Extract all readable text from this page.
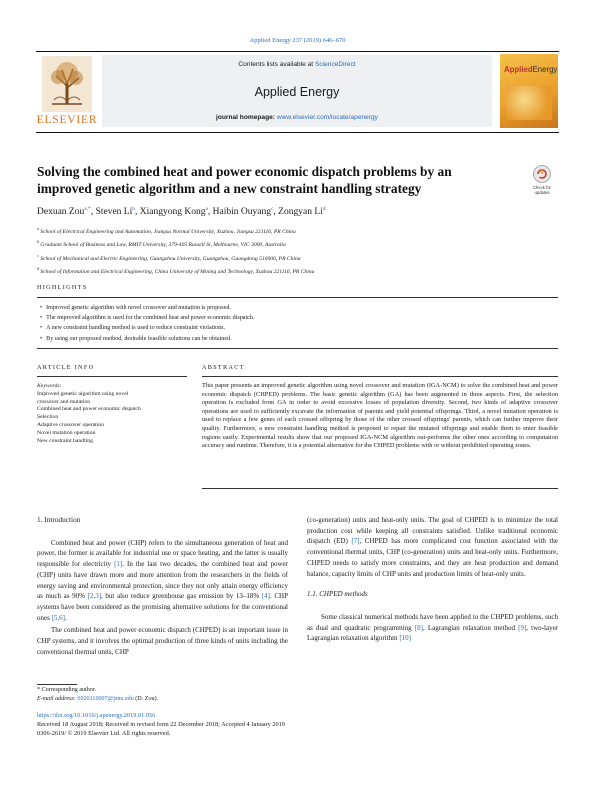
Applied Energy 237 (2019) 646–670
ELSEVIER
Contents lists available at ScienceDirect
Applied Energy
journal homepage: www.elsevier.com/locate/apenergy
AppliedEnergy
Solving the combined heat and power economic dispatch problems by an improved genetic algorithm and a new constraint handling strategy	Check for updates
Dexuan Zou$^{a,*}$, Steven Li$^b$, Xiangyong Kong$^a$, Haibin Ouyang$^c$, Zongyan Li$^d$
$^a$ School of Electrical Engineering and Automation, Jiangsu Normal University, Xuzhou, Jiangsu 221116, PR China
$^b$ Graduate School of Business and Law, RMIT University, 379-405 Russell St, Melbourne, VIC 3000, Australia
$^c$ School of Mechanical and Electric Engineering, Guangzhou University, Guangzhou, Guangdong 510006, PR China
$^d$ School of Information and Electrical Engineering, China University of Mining and Technology, Xuzhou 221116, PR China
HIGHLIGHTS
• Improved genetic algorithm with novel crossover and mutation is proposed.
• The improved algorithm is used for the combined heat and power economic dispatch.
• A new constraint handling method is used to reduce constraint violations.
• By using our proposed method, desirable feasible solutions can be obtained.
ARTICLE INFO	ABSTRACT
Keywords:
Improved genetic algorithm using novel
crossover and mutation
Combined heat and power economic dispatch
Selection
Adaptive crossover operation
Novel mutation operation
New constraint handling
This paper presents an improved genetic algorithm using novel crossover and mutation (IGA-NCM) to solve the combined heat and power economic dispatch (CHPED) problems. The basic genetic algorithm (GA) has been augmented in three aspects. First, the selection operation is excluded from GA in order to avoid excessive losses of population diversity. Second, two kinds of adaptive crossover operations are used to sufficiently excavate the information of parents and yield potential offsprings. Third, a novel mutation operation is used to replace a few genes of each crossed offspring by those of the other crossed offsprings' parents, which can further improve their quality. Furthermore, a new constraint handling method is proposed to repair the mutated offsprings and enable them to enter feasible regions easily. Experimental results show that our proposed IGA-NCM algorithm out-performs the other ones according to computation accuracy and runtime. Therefore, it is a potential alternative for the CHPED problems with or without prohibited operating zones.
1. Introduction

Combined heat and power (CHP) refers to the simultaneous generation of heat and power, the former is available for industrial use or space heating, and the latter is usually responsible for electricity [1]. In the last two decades, the combined heat and power (CHP) units have drawn more and more attention from the researchers in the fields of energy saving and environmental protection, since they not only attain energy efficiency as much as 90% [2,3], but also reduce greenhouse gas emission by 13–18% [4]. CHP systems have been considered as the promising alternative solutions for the conventional ones [5,6].

The combined heat and power economic dispatch (CHPED) is an important issue in CHP systems, and it involves the optimal production of three kinds of units including the conventional thermal units, CHP

(co-generation) units and heat-only units. The goal of CHPED is to minimize the total production cost while keeping all constraints satisfied. Unlike traditional economic dispatch (ED) [7], CHPED has more complicated cost function associated with the conventional thermal units, CHP (co-generation) units and heat-only units. Furthermore, CHPED needs to satisfy more constraints, and they are heat production and demand balance, capacity limits of CHP units and production limits of heat-only units.

1.1. CHPED methods

Some classical numerical methods have been applied to the CHPED problems, such as dual and quadratic programming [8], Lagrangian relaxation method [9], two-layer Lagrangian relaxation algorithm [10]

* Corresponding author.
E-mail address: 6020110007@jsnu.edu (D. Zou).
https://doi.org/10.1016/j.apenergy.2019.01.056
Received 18 August 2018; Received in revised form 22 December 2018; Accepted 4 January 2019
0306-2619/ © 2019 Elsevier Ltd. All rights reserved.
